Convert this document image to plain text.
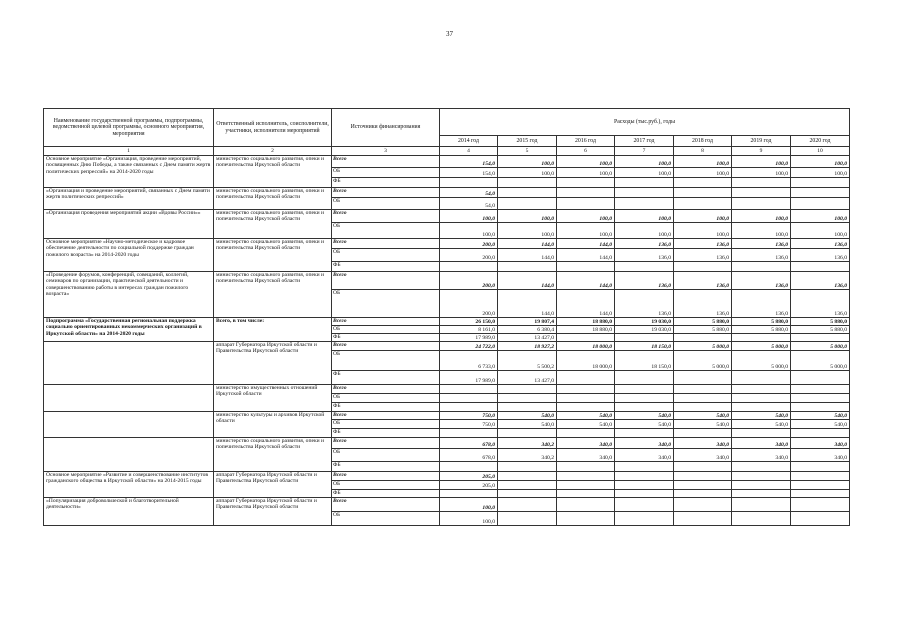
37
Наименование государственной программы, подпрограммы, ведомственной целевой программы, основного мероприятия, мероприятия	Ответственный исполнитель, соисполнители, участники, исполнители мероприятий	Источники финансирования	Расходы (тыс.руб.), годы						
			2014 год	2015 год	2016 год	2017 год	2018 год	2019 год	2020 год
1	2	3	4	5	6	7	8	9	10
Основное мероприятие «Организация, проведение мероприятий, посвященных Дню Победы, а также связанных с Днем памяти жертв политических репрессий» на 2014-2020 годы	министерство социального развития, опеки и попечительства Иркутской области	Всего	154,0	100,0	100,0	100,0	100,0	100,0	100,0
		ОБ	154,0	100,0	100,0	100,0	100,0	100,0	100,0
		ФБ							
«Организация и проведение мероприятий, связанных с Днем памяти жертв политических репрессий»	министерство социального развития, опеки и попечительства Иркутской области	Всего	54,0						
		ОБ	54,0						
«Организация проведения мероприятий акции «Вдовы России»»	министерство социального развития, опеки и попечительства Иркутской области	Всего	100,0	100,0	100,0	100,0	100,0	100,0	100,0
		ОБ	100,0	100,0	100,0	100,0	100,0	100,0	100,0
Основное мероприятие «Научно-методическое и кадровое обеспечение деятельности по социальной поддержке граждан пожилого возраста» на 2014-2020 годы	министерство социального развития, опеки и попечительства Иркутской области	Всего	200,0	144,0	144,0	136,0	136,0	136,0	136,0
		ОБ	200,0	144,0	144,0	136,0	136,0	136,0	136,0
		ФБ							
«Проведение форумов, конференций, совещаний, коллегий, семинаров по организации, практической деятельности и совершенствованию работы в интересах граждан пожилого возраста»	министерство социального развития, опеки и попечительства Иркутской области	Всего	200,0	144,0	144,0	136,0	136,0	136,0	136,0
		ОБ	200,0	144,0	144,0	136,0	136,0	136,0	136,0
Подпрограмма «Государственная региональная поддержка социально ориентированных некоммерческих организаций в Иркутской области» на 2014-2020 годы	Всего, в том числе:	Всего	26 150,0	19 807,4	18 880,0	19 030,0	5 880,0	5 880,0	5 880,0
		ОБ	8 161,0	6 380,4	18 880,0	19 030,0	5 880,0	5 880,0	5 880,0
		ФБ	17 989,0	13 427,0					
	аппарат Губернатора Иркутской области и Правительства Иркутской области	Всего	24 722,0	18 927,2	18 000,0	18 150,0	5 000,0	5 000,0	5 000,0
		ОБ	6 733,0	5 500,2	18 000,0	18 150,0	5 000,0	5 000,0	5 000,0
		ФБ	17 989,0	13 427,0					
	министерство имущественных отношений Иркутской области	Всего							
		ОБ							
		ФБ							
	министерство культуры и архивов Иркутской области	Всего	750,0	540,0	540,0	540,0	540,0	540,0	540,0
		ОБ	750,0	540,0	540,0	540,0	540,0	540,0	540,0
		ФБ							
	министерство социального развития, опеки и попечительства Иркутской области	Всего	678,0	340,2	340,0	340,0	340,0	340,0	340,0
		ОБ	678,0	340,2	340,0	340,0	340,0	340,0	340,0
		ФБ							
Основное мероприятие «Развитие и совершенствование институтов гражданского общества в Иркутской области» на 2014-2015 годы	аппарат Губернатора Иркутской области и Правительства Иркутской области	Всего	205,0						
		ОБ	205,0						
		ФБ							
«Популяризация добровольческой и благотворительной деятельности»	аппарат Губернатора Иркутской области и Правительства Иркутской области	Всего	100,0						
		ОБ	100,0						
